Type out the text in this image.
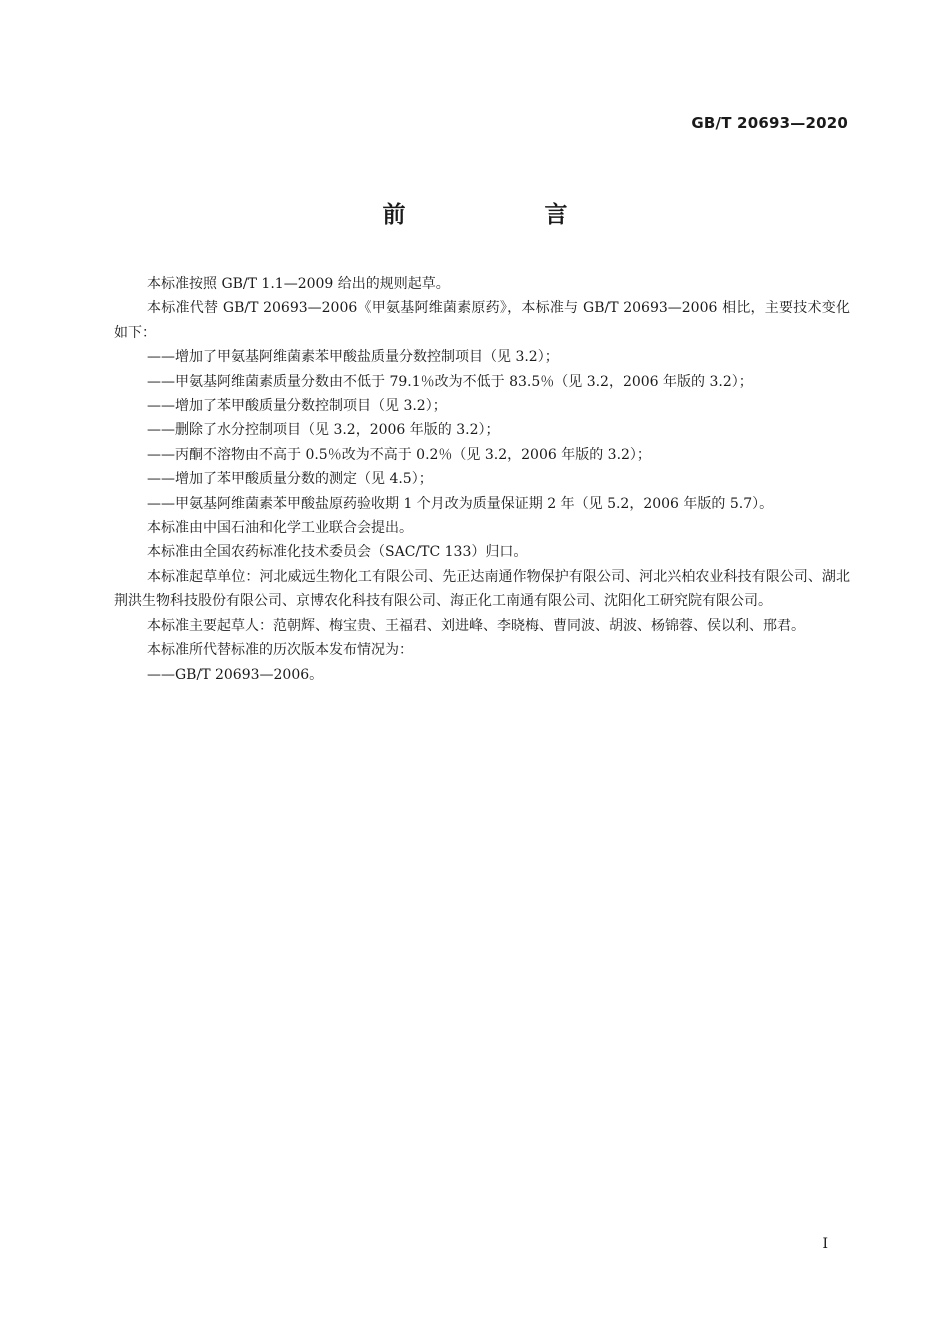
GB/T 20693—2020
前　言

本标准按照 GB/T 1.1—2009 给出的规则起草。

本标准代替 GB/T 20693—2006《甲氨基阿维菌素原药》，本标准与 GB/T 20693—2006 相比，主要技术变化如下：

——增加了甲氨基阿维菌素苯甲酸盐质量分数控制项目（见 3.2）；

——甲氨基阿维菌素质量分数由不低于 79.1％改为不低于 83.5％（见 3.2，2006 年版的 3.2）；

——增加了苯甲酸质量分数控制项目（见 3.2）；

——删除了水分控制项目（见 3.2，2006 年版的 3.2）；

——丙酮不溶物由不高于 0.5％改为不高于 0.2％（见 3.2，2006 年版的 3.2）；

——增加了苯甲酸质量分数的测定（见 4.5）；

——甲氨基阿维菌素苯甲酸盐原药验收期 1 个月改为质量保证期 2 年（见 5.2，2006 年版的 5.7）。

本标准由中国石油和化学工业联合会提出。

本标准由全国农药标准化技术委员会（SAC/TC 133）归口。

本标准起草单位：河北威远生物化工有限公司、先正达南通作物保护有限公司、河北兴柏农业科技有限公司、湖北荆洪生物科技股份有限公司、京博农化科技有限公司、海正化工南通有限公司、沈阳化工研究院有限公司。

本标准主要起草人：范朝辉、梅宝贵、王福君、刘进峰、李晓梅、曹同波、胡波、杨锦蓉、侯以利、邢君。

本标准所代替标准的历次版本发布情况为：

——GB/T 20693—2006。

I
